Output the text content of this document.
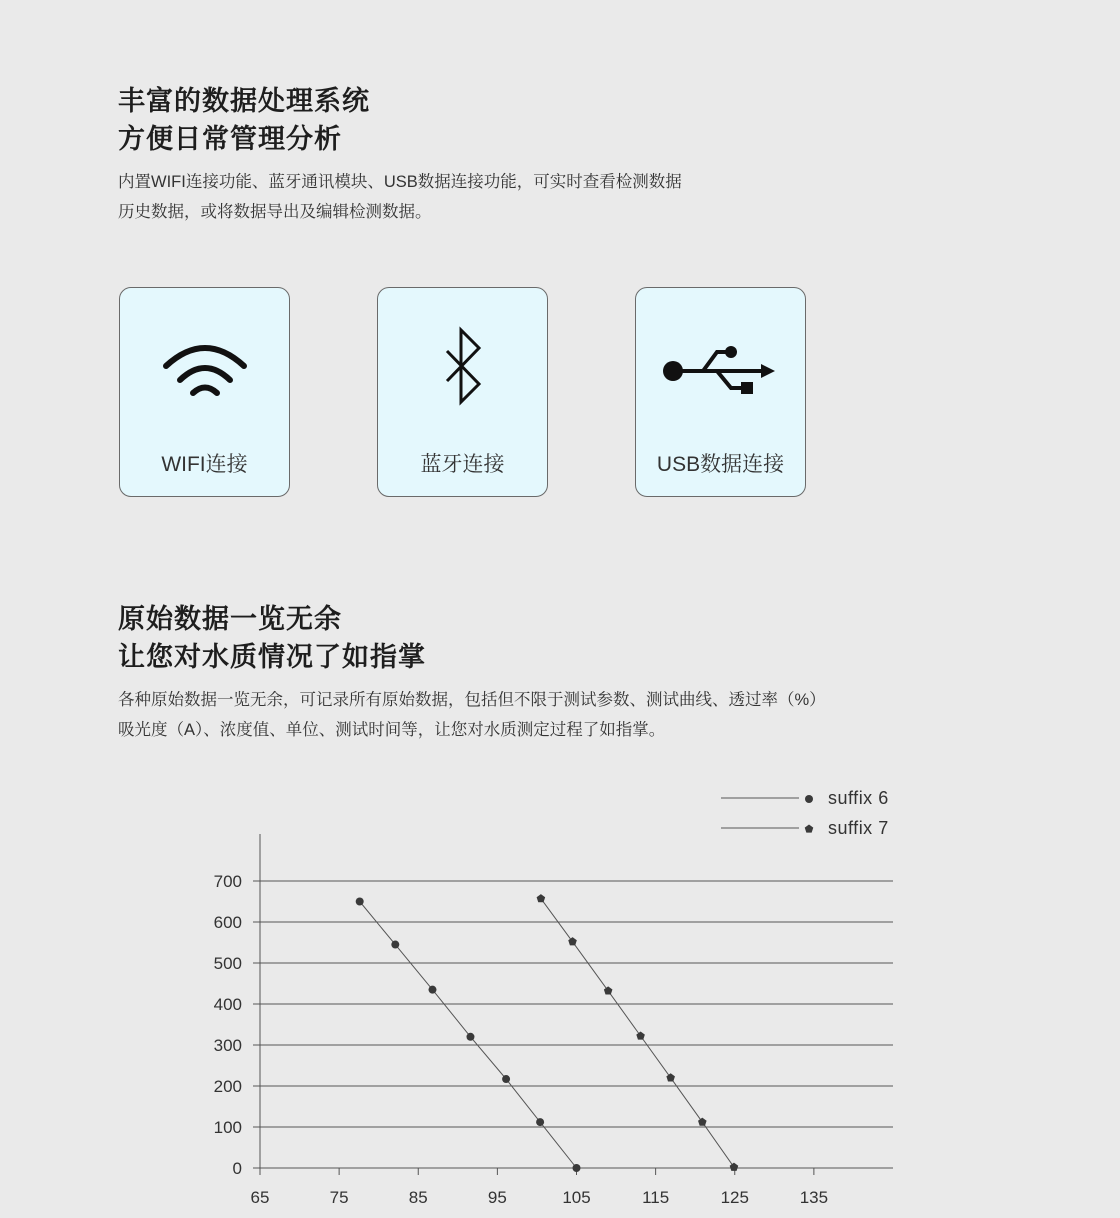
丰富的数据处理系统
方便日常管理分析
内置WIFI连接功能、蓝牙通讯模块、USB数据连接功能，可实时查看检测数据
历史数据，或将数据导出及编辑检测数据。
WIFI连接	蓝牙连接	USB数据连接
原始数据一览无余
让您对水质情况了如指掌
各种原始数据一览无余，可记录所有原始数据，包括但不限于测试参数、测试曲线、透过率（%）
吸光度（A）、浓度值、单位、测试时间等，让您对水质测定过程了如指掌。
0
100
200
300
400
500
600
700
65	75	85	95	105	115	125	135
suffix 6
suffix 7
